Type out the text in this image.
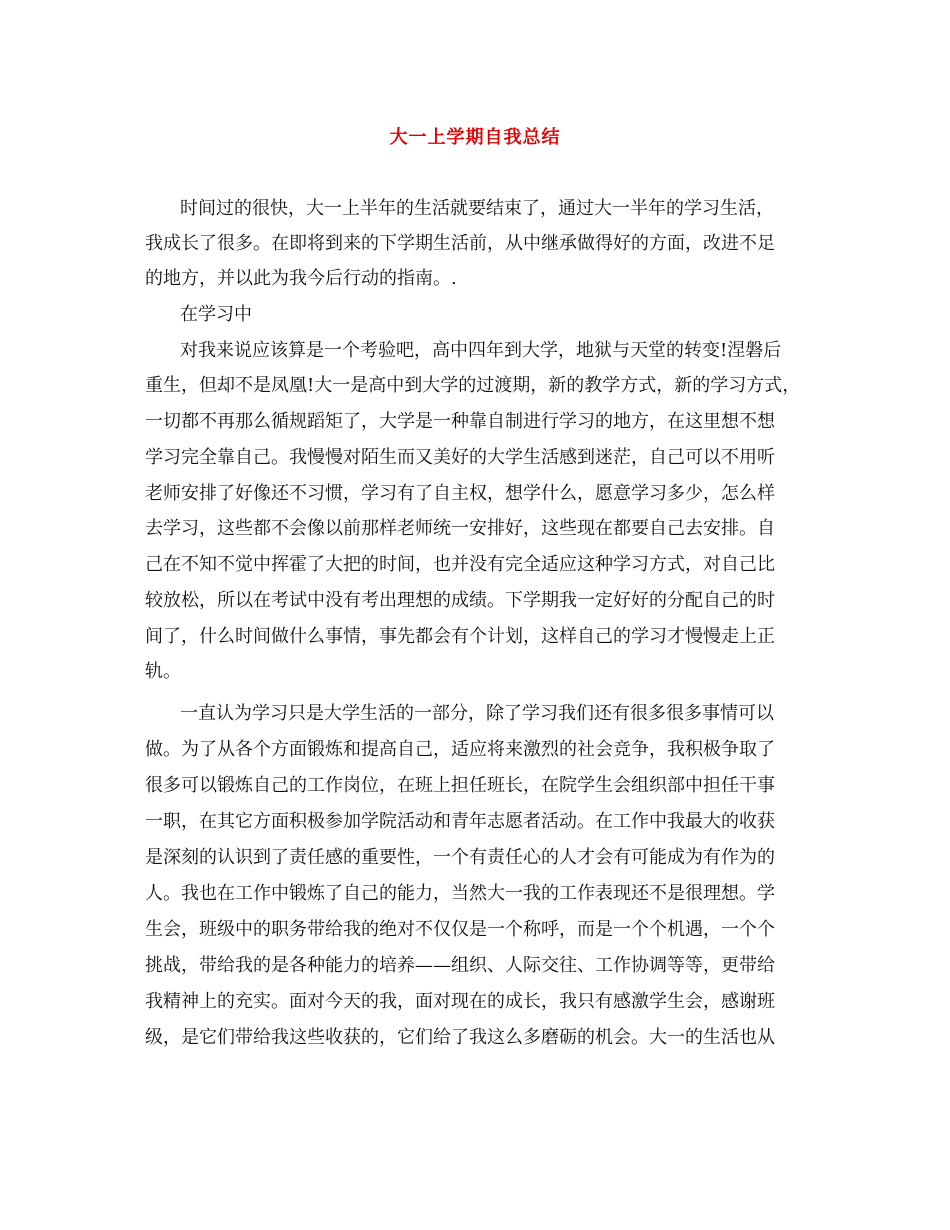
大一上学期自我总结
时间过的很快，大一上半年的生活就要结束了，通过大一半年的学习生活，
我成长了很多。在即将到来的下学期生活前，从中继承做得好的方面，改进不足
的地方，并以此为我今后行动的指南。.
在学习中
对我来说应该算是一个考验吧，高中四年到大学，地狱与天堂的转变!涅磐后
重生，但却不是凤凰!大一是高中到大学的过渡期，新的教学方式，新的学习方式，
一切都不再那么循规蹈矩了，大学是一种靠自制进行学习的地方，在这里想不想
学习完全靠自己。我慢慢对陌生而又美好的大学生活感到迷茫，自己可以不用听
老师安排了好像还不习惯，学习有了自主权，想学什么，愿意学习多少，怎么样
去学习，这些都不会像以前那样老师统一安排好，这些现在都要自己去安排。自
己在不知不觉中挥霍了大把的时间，也并没有完全适应这种学习方式，对自己比
较放松，所以在考试中没有考出理想的成绩。下学期我一定好好的分配自己的时
间了，什么时间做什么事情，事先都会有个计划，这样自己的学习才慢慢走上正
轨。
一直认为学习只是大学生活的一部分，除了学习我们还有很多很多事情可以
做。为了从各个方面锻炼和提高自己，适应将来激烈的社会竞争，我积极争取了
很多可以锻炼自己的工作岗位，在班上担任班长，在院学生会组织部中担任干事
一职，在其它方面积极参加学院活动和青年志愿者活动。在工作中我最大的收获
是深刻的认识到了责任感的重要性，一个有责任心的人才会有可能成为有作为的
人。我也在工作中锻炼了自己的能力，当然大一我的工作表现还不是很理想。学
生会，班级中的职务带给我的绝对不仅仅是一个称呼，而是一个个机遇，一个个
挑战，带给我的是各种能力的培养——组织、人际交往、工作协调等等，更带给
我精神上的充实。面对今天的我，面对现在的成长，我只有感激学生会，感谢班
级，是它们带给我这些收获的，它们给了我这么多磨砺的机会。大一的生活也从
